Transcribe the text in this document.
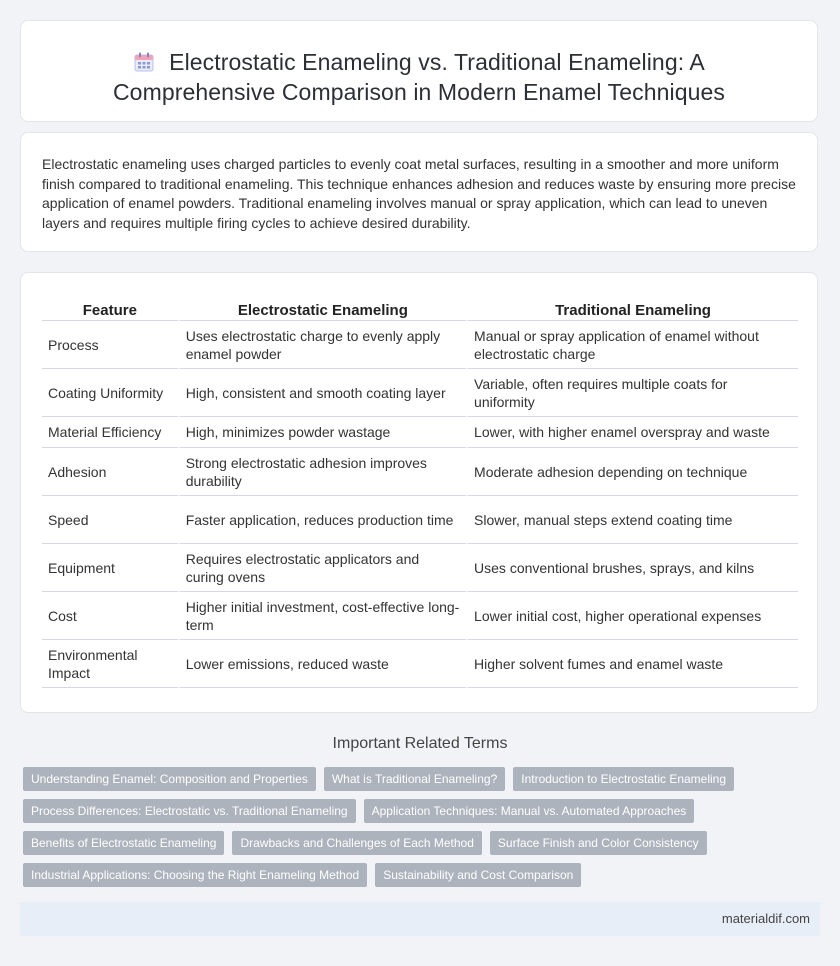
Electrostatic Enameling vs. Traditional Enameling: A
Comprehensive Comparison in Modern Enamel Techniques

Electrostatic enameling uses charged particles to evenly coat metal surfaces, resulting in a smoother and more uniform finish compared to traditional enameling. This technique enhances adhesion and reduces waste by ensuring more precise application of enamel powders. Traditional enameling involves manual or spray application, which can lead to uneven layers and requires multiple firing cycles to achieve desired durability.

Feature	Electrostatic Enameling	Traditional Enameling
Process	Uses electrostatic charge to evenly apply enamel powder	Manual or spray application of enamel without electrostatic charge
Coating Uniformity	High, consistent and smooth coating layer	Variable, often requires multiple coats for uniformity
Material Efficiency	High, minimizes powder wastage	Lower, with higher enamel overspray and waste
Adhesion	Strong electrostatic adhesion improves durability	Moderate adhesion depending on technique
Speed	Faster application, reduces production time	Slower, manual steps extend coating time
Equipment	Requires electrostatic applicators and curing ovens	Uses conventional brushes, sprays, and kilns
Cost	Higher initial investment, cost-effective long-term	Lower initial cost, higher operational expenses
Environmental Impact	Lower emissions, reduced waste	Higher solvent fumes and enamel waste
Important Related Terms
Understanding Enamel: Composition and Properties	What is Traditional Enameling?	Introduction to Electrostatic Enameling
Process Differences: Electrostatic vs. Traditional Enameling	Application Techniques: Manual vs. Automated Approaches
Benefits of Electrostatic Enameling	Drawbacks and Challenges of Each Method	Surface Finish and Color Consistency
Industrial Applications: Choosing the Right Enameling Method	Sustainability and Cost Comparison
materialdif.com
